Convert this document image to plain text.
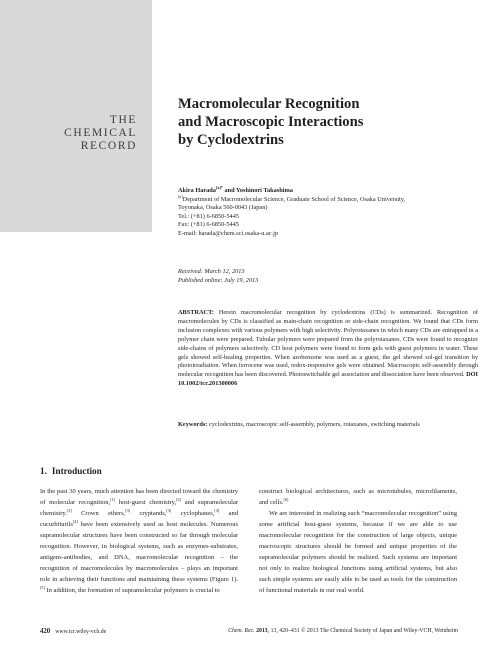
THE
CHEMICAL
RECORD
Macromolecular Recognition
and Macroscopic Interactions
by Cyclodextrins
Akira Harada$^{[a]*}$ and Yoshinori Takashima
[a]Department of Macromolecular Science, Graduate School of Science, Osaka University,
Toyonaka, Osaka 560-0043 (Japan)
Tel.: (+81) 6-6850-5445
Fax: (+81) 6-6850-5445
E-mail: harada@chem.sci.osaka-u.ac.jp
Received: March 12, 2013
Published online: July 19, 2013
ABSTRACT: Herein macromolecular recognition by cyclodextrins (CDs) is summarized. Recognition of macromolecules by CDs is classified as main-chain recognition or side-chain recognition. We found that CDs form inclusion complexes with various polymers with high selectivity. Polyrotaxanes in which many CDs are entrapped in a polymer chain were prepared. Tubular polymers were prepared from the polyrotaxanes. CDs were found to recognize side-chains of polymers selectively. CD host polymers were found to form gels with guest polymers in water. These gels showed self-healing properties. When azobenzene was used as a guest, the gel showed sol-gel transition by photoirradiation. When ferrocene was used, redox-responsive gels were obtained. Macroscopic self-assembly through molecular recognition has been discovered. Photoswitchable gel association and dissociation have been observed. DOI 10.1002/tcr.201300006
Keywords: cyclodextrins, macroscopic self-assembly, polymers, rotaxanes, switching materials
1. Introduction

In the past 30 years, much attention has been directed toward the chemistry of molecular recognition,[1] host-guest chemistry,[2] and supramolecular chemistry.[3] Crown ethers,[3] cryptands,[3] cyclophanes,[3] and cucurbiturils[4] have been extensively used as host molecules. Numerous supramolecular structures have been constructed so far through molecular recognition. However, in biological systems, such as enzymes-substrates, antigens-antibodies, and DNA, macromolecular recognition – the recognition of macromolecules by macromolecules – plays an important role in achieving their functions and maintaining these systems (Figure 1).[5] In addition, the formation of supramolecular polymers is crucial to

construct biological architectures, such as microtubules, microfilaments, and cells.[6]

We are interested in realizing such “macromolecular recognition” using some artificial host-guest systems, because if we are able to use macromolecular recognition for the construction of large objects, unique macroscopic structures should be formed and unique properties of the supramolecular polymers should be realized. Such systems are important not only to realize biological functions using artificial systems, but also such simple systems are easily able to be used as tools for the construction of functional materials in our real world.

420 www.tcr.wiley-vch.de	Chem. Rec. 2013, 13, 420–431 © 2013 The Chemical Society of Japan and Wiley-VCH, Weinheim
